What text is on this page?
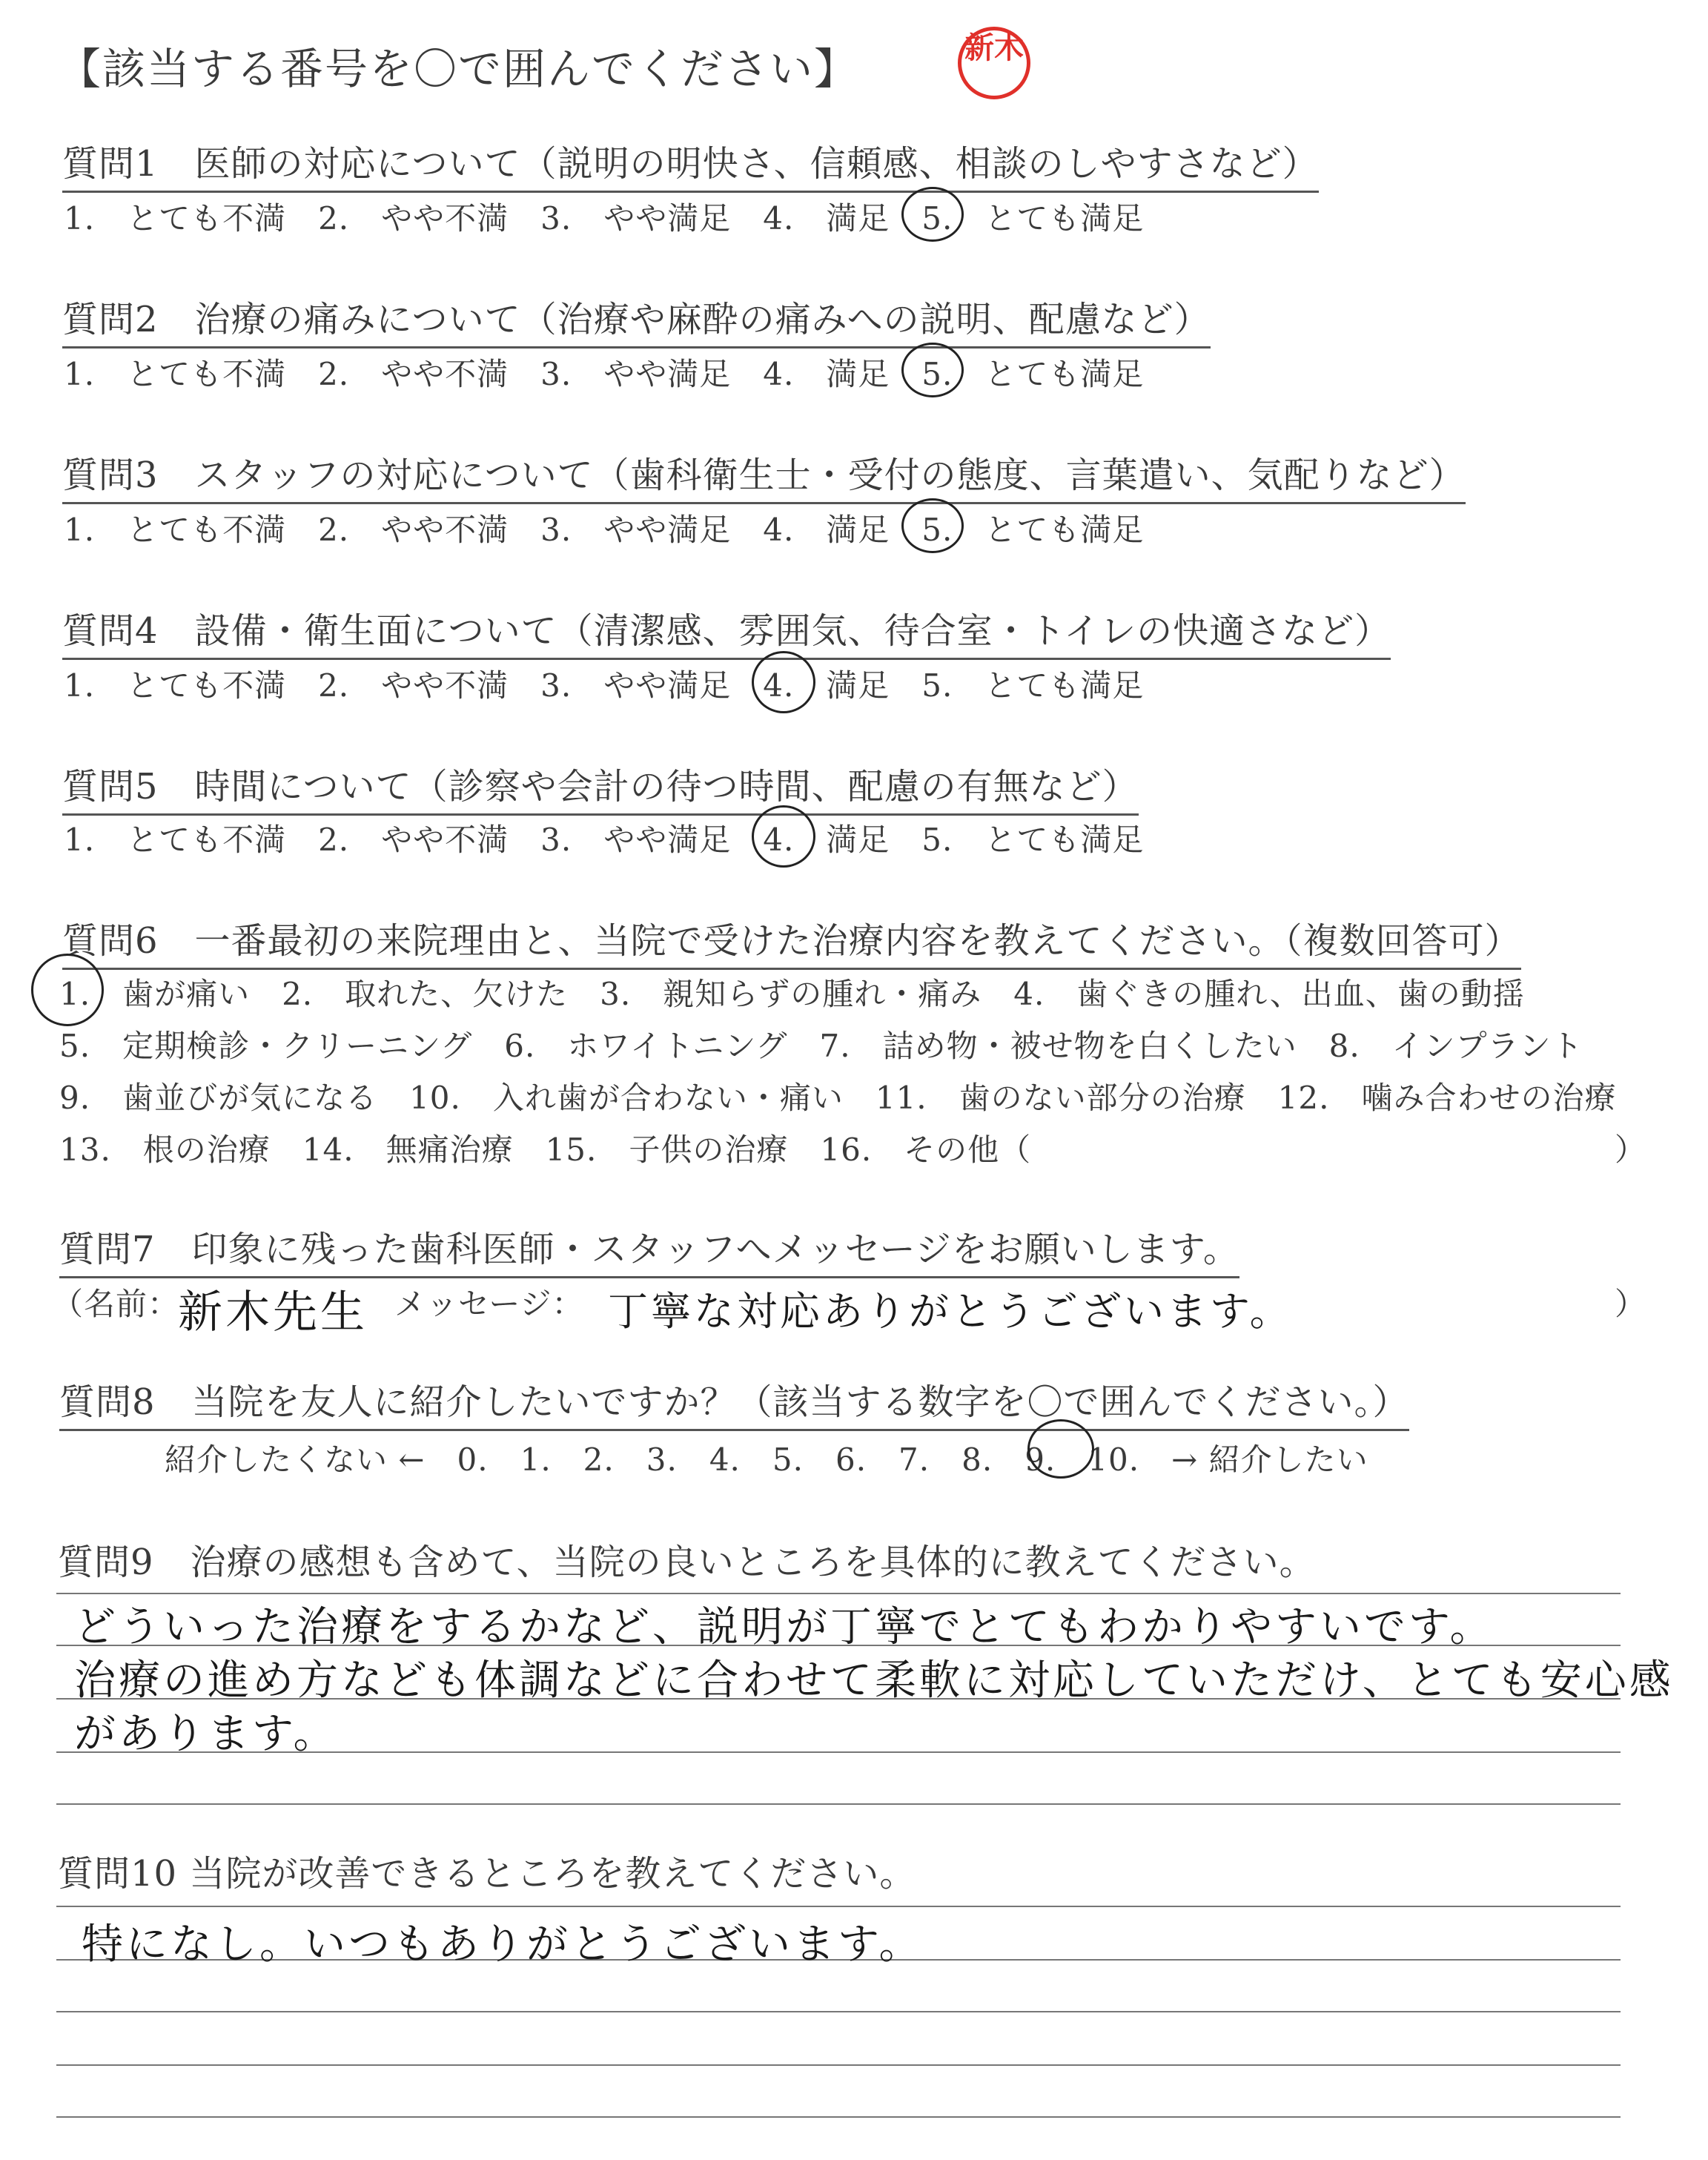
【該当する番号を〇で囲んでください】	新木
質問1　医師の対応について（説明の明快さ、信頼感、相談のしやすさなど）
1.　とても不満　2.　やや不満　3.　やや満足　4.　満足　5.　とても満足
質問2　治療の痛みについて（治療や麻酔の痛みへの説明、配慮など）
1.　とても不満　2.　やや不満　3.　やや満足　4.　満足　5.　とても満足
質問3　スタッフの対応について（歯科衛生士・受付の態度、言葉遣い、気配りなど）
1.　とても不満　2.　やや不満　3.　やや満足　4.　満足　5.　とても満足
質問4　設備・衛生面について（清潔感、雰囲気、待合室・トイレの快適さなど）
1.　とても不満　2.　やや不満　3.　やや満足　4.　満足　5.　とても満足
質問5　時間について（診察や会計の待つ時間、配慮の有無など）
1.　とても不満　2.　やや不満　3.　やや満足　4.　満足　5.　とても満足
質問6　一番最初の来院理由と、当院で受けた治療内容を教えてください。（複数回答可）
1.　歯が痛い　2.　取れた、欠けた　3.　親知らずの腫れ・痛み　4.　歯ぐきの腫れ、出血、歯の動揺
5.　定期検診・クリーニング　6.　ホワイトニング　7.　詰め物・被せ物を白くしたい　8.　インプラント
9.　歯並びが気になる　10.　入れ歯が合わない・痛い　11.　歯のない部分の治療　12.　噛み合わせの治療
13.　根の治療　14.　無痛治療　15.　子供の治療　16.　その他（	）
質問7　印象に残った歯科医師・スタッフへメッセージをお願いします。
（名前：
新木先生 メッセージ： 丁寧な対応ありがとうございます。	）
質問8　当院を友人に紹介したいですか？（該当する数字を〇で囲んでください。）
紹介したくない ←　0.　1.　2.　3.　4.　5.　6.　7.　8.　9.　10.　→ 紹介したい
質問9　治療の感想も含めて、当院の良いところを具体的に教えてください。
どういった治療をするかなど、説明が丁寧でとてもわかりやすいです。
治療の進め方なども体調などに合わせて柔軟に対応していただけ、とても安心感
があります。
質問10 当院が改善できるところを教えてください。
特になし。いつもありがとうございます。
